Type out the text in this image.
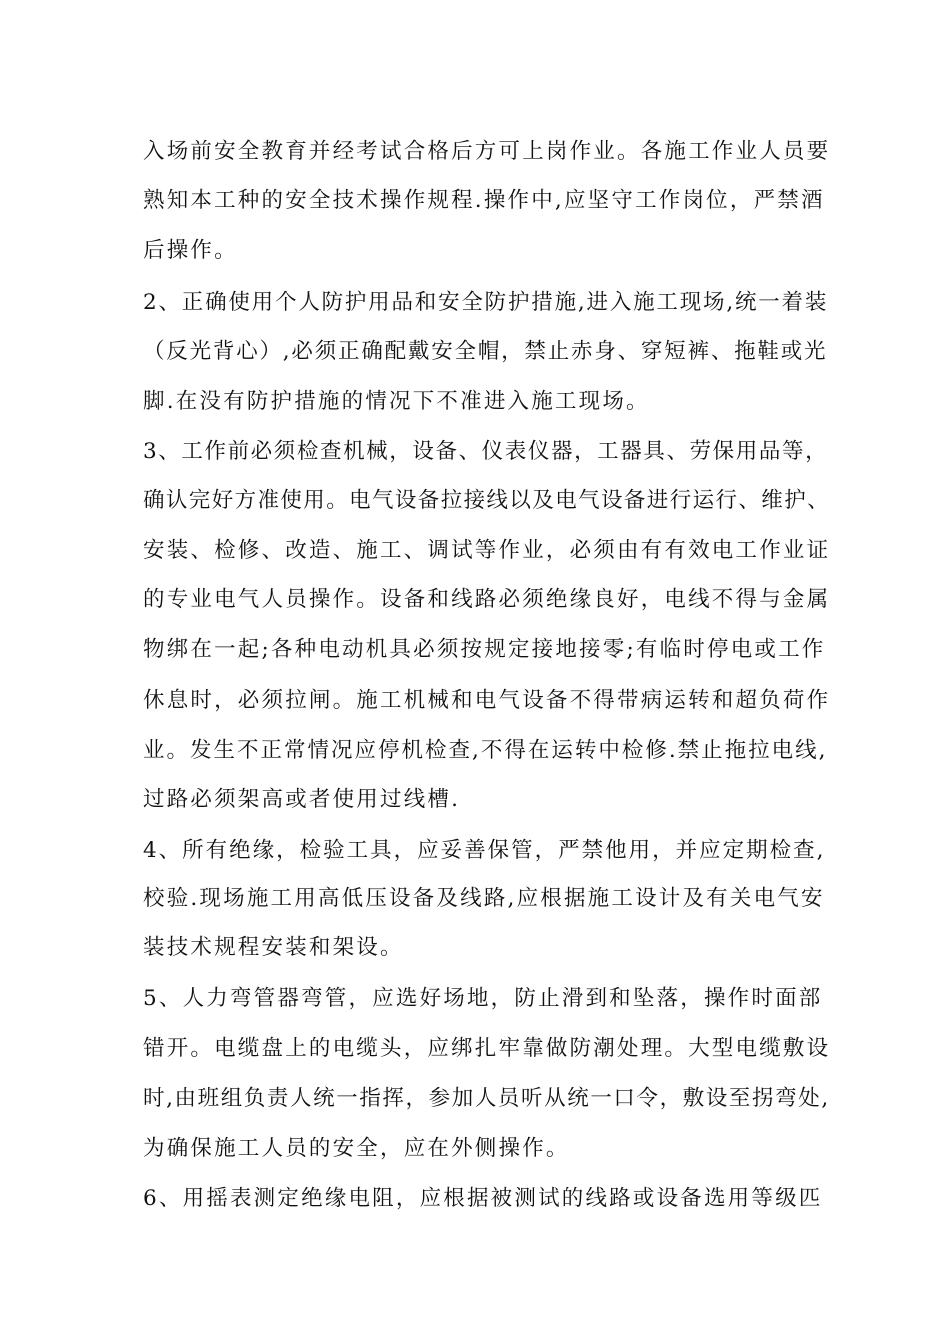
入场前安全教育并经考试合格后方可上岗作业。各施工作业人员要
熟知本工种的安全技术操作规程.操作中,应坚守工作岗位，严禁酒
后操作。
2、正确使用个人防护用品和安全防护措施,进入施工现场,统一着装
（反光背心）,必须正确配戴安全帽，禁止赤身、穿短裤、拖鞋或光
脚.在没有防护措施的情况下不准进入施工现场。
3、工作前必须检查机械，设备、仪表仪器，工器具、劳保用品等，
确认完好方准使用。电气设备拉接线以及电气设备进行运行、维护、
安装、检修、改造、施工、调试等作业，必须由有有效电工作业证
的专业电气人员操作。设备和线路必须绝缘良好，电线不得与金属
物绑在一起;各种电动机具必须按规定接地接零;有临时停电或工作
休息时，必须拉闸。施工机械和电气设备不得带病运转和超负荷作
业。发生不正常情况应停机检查,不得在运转中检修.禁止拖拉电线,
过路必须架高或者使用过线槽.
4、所有绝缘，检验工具，应妥善保管，严禁他用，并应定期检查,
校验.现场施工用高低压设备及线路,应根据施工设计及有关电气安
装技术规程安装和架设。
5、人力弯管器弯管，应选好场地，防止滑到和坠落，操作时面部
错开。电缆盘上的电缆头，应绑扎牢靠做防潮处理。大型电缆敷设
时,由班组负责人统一指挥，参加人员听从统一口令，敷设至拐弯处,
为确保施工人员的安全，应在外侧操作。
6、用摇表测定绝缘电阻，应根据被测试的线路或设备选用等级匹
